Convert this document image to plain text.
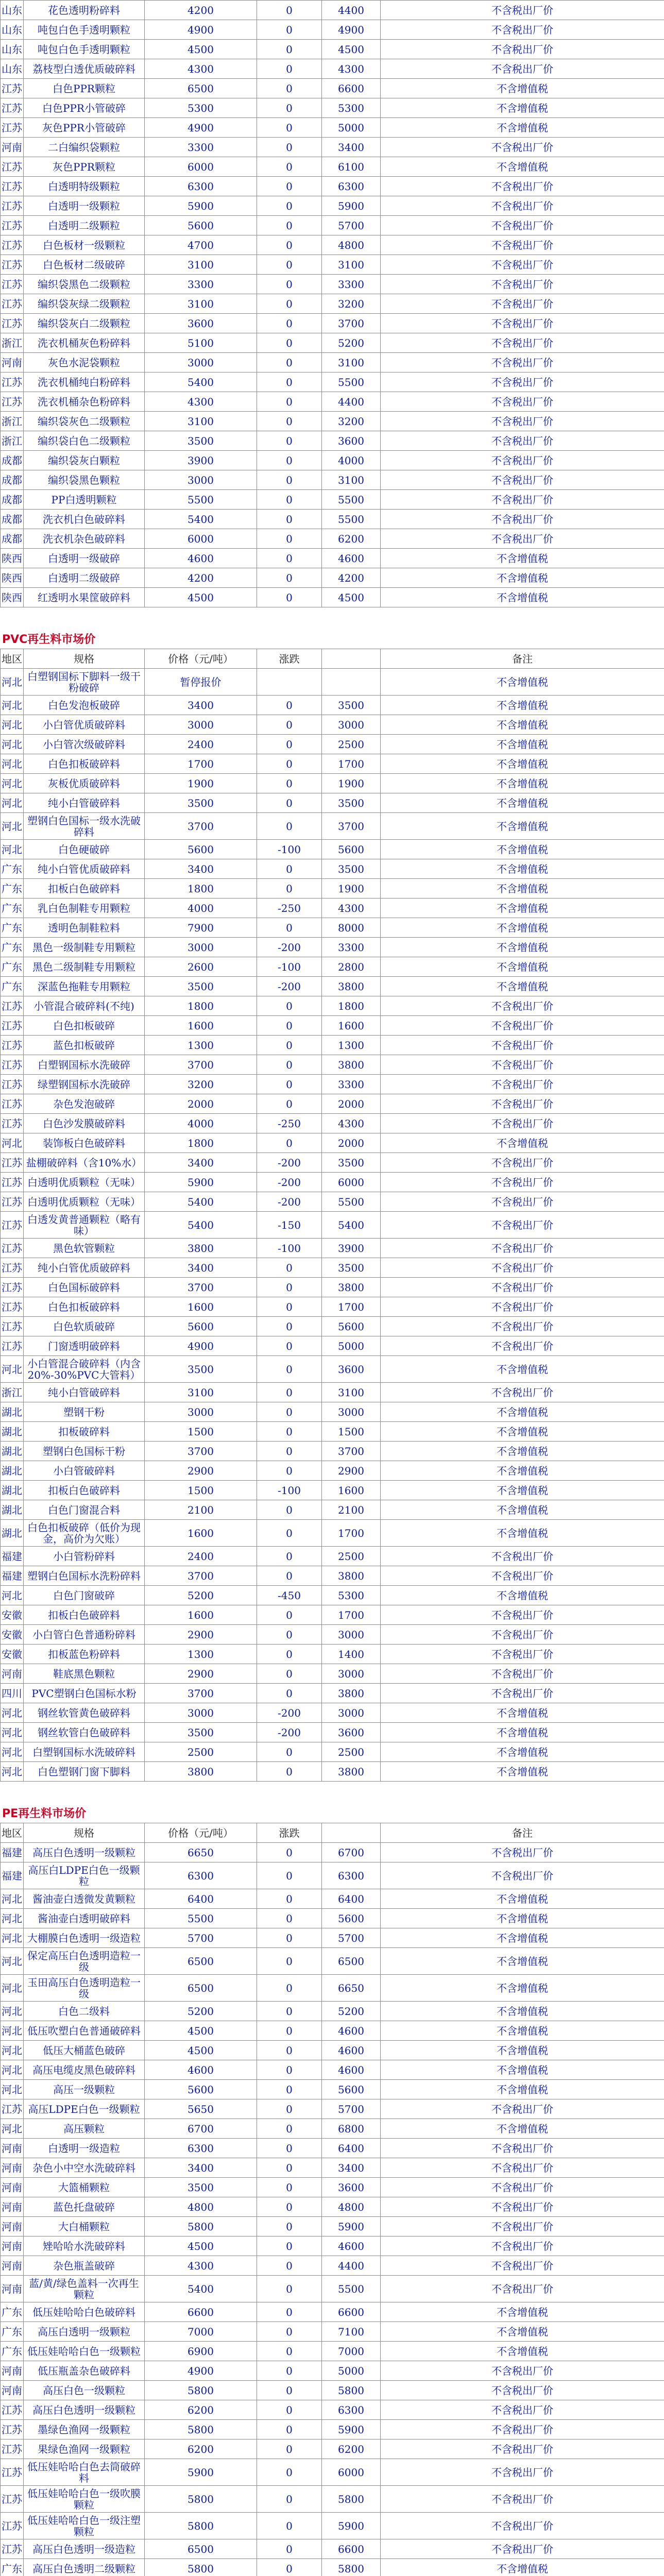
山东	花色透明粉碎料	4200	0	4400	不含税出厂价
山东	吨包白色手透明颗粒	4900	0	4900	不含税出厂价
山东	吨包白色手透明颗粒	4500	0	4500	不含税出厂价
山东	荔枝型白透优质破碎料	4300	0	4300	不含税出厂价
江苏	白色PPR颗粒	6500	0	6600	不含增值税
江苏	白色PPR小管破碎	5300	0	5300	不含增值税
江苏	灰色PPR小管破碎	4900	0	5000	不含增值税
河南	二白编织袋颗粒	3300	0	3400	不含税出厂价
江苏	灰色PPR颗粒	6000	0	6100	不含增值税
江苏	白透明特级颗粒	6300	0	6300	不含税出厂价
江苏	白透明一级颗粒	5900	0	5900	不含税出厂价
江苏	白透明二级颗粒	5600	0	5700	不含税出厂价
江苏	白色板材一级颗粒	4700	0	4800	不含税出厂价
江苏	白色板材二级破碎	3100	0	3100	不含税出厂价
江苏	编织袋黑色二级颗粒	3300	0	3300	不含税出厂价
江苏	编织袋灰绿二级颗粒	3100	0	3200	不含税出厂价
江苏	编织袋灰白二级颗粒	3600	0	3700	不含税出厂价
浙江	洗衣机桶灰色粉碎料	5100	0	5200	不含税出厂价
河南	灰色水泥袋颗粒	3000	0	3100	不含税出厂价
江苏	洗衣机桶纯白粉碎料	5400	0	5500	不含税出厂价
江苏	洗衣机桶杂色粉碎料	4300	0	4400	不含税出厂价
浙江	编织袋灰色二级颗粒	3100	0	3200	不含税出厂价
浙江	编织袋白色二级颗粒	3500	0	3600	不含税出厂价
成都	编织袋灰白颗粒	3900	0	4000	不含税出厂价
成都	编织袋黑色颗粒	3000	0	3100	不含税出厂价
成都	PP白透明颗粒	5500	0	5500	不含税出厂价
成都	洗衣机白色破碎料	5400	0	5500	不含税出厂价
成都	洗衣机杂色破碎料	6000	0	6200	不含税出厂价
陕西	白透明一级破碎	4600	0	4600	不含增值税
陕西	白透明二级破碎	4200	0	4200	不含增值税
陕西	红透明水果筐破碎料	4500	0	4500	不含增值税
PVC再生料市场价
地区	规格	价格（元/吨）	涨跌		备注
河北	白塑钢国标下脚料一级干粉破碎	暂停报价			不含增值税
河北	白色发泡板破碎	3400	0	3500	不含增值税
河北	小白管优质破碎料	3000	0	3000	不含增值税
河北	小白管次级破碎料	2400	0	2500	不含增值税
河北	白色扣板破碎料	1700	0	1700	不含增值税
河北	灰板优质破碎料	1900	0	1900	不含增值税
河北	纯小白管破碎料	3500	0	3500	不含增值税
河北	塑钢白色国标一级水洗破碎料	3700	0	3700	不含增值税
河北	白色硬破碎	5600	-100	5600	不含增值税
广东	纯小白管优质破碎料	3400	0	3500	不含增值税
广东	扣板白色破碎料	1800	0	1900	不含增值税
广东	乳白色制鞋专用颗粒	4000	-250	4300	不含增值税
广东	透明色制鞋粒料	7900	0	8000	不含增值税
广东	黑色一级制鞋专用颗粒	3000	-200	3300	不含增值税
广东	黑色二级制鞋专用颗粒	2600	-100	2800	不含增值税
广东	深蓝色拖鞋专用颗粒	3500	-200	3800	不含增值税
江苏	小管混合破碎料(不纯)	1800	0	1800	不含税出厂价
江苏	白色扣板破碎	1600	0	1600	不含税出厂价
江苏	蓝色扣板破碎	1300	0	1300	不含税出厂价
江苏	白塑钢国标水洗破碎	3700	0	3800	不含税出厂价
江苏	绿塑钢国标水洗破碎	3200	0	3300	不含税出厂价
江苏	杂色发泡破碎	2000	0	2000	不含税出厂价
江苏	白色沙发膜破碎料	4000	-250	4300	不含税出厂价
河北	装饰板白色破碎料	1800	0	2000	不含增值税
江苏	盐棚破碎料（含10%水）	3400	-200	3500	不含税出厂价
江苏	白透明优质颗粒（无味）	5900	-200	6000	不含税出厂价
江苏	白透明优质颗粒（无味）	5400	-200	5500	不含税出厂价
江苏	白透发黄普通颗粒（略有味）	5400	-150	5400	不含税出厂价
江苏	黑色软管颗粒	3800	-100	3900	不含税出厂价
江苏	纯小白管优质破碎料	3400	0	3500	不含税出厂价
江苏	白色国标破碎料	3700	0	3800	不含税出厂价
江苏	白色扣板破碎料	1600	0	1700	不含税出厂价
江苏	白色软质破碎	5600	0	5600	不含税出厂价
江苏	门窗透明破碎料	4900	0	5000	不含税出厂价
河北	小白管混合破碎料（内含20%-30%PVC大管料）	3500	0	3600	不含增值税
浙江	纯小白管破碎料	3100	0	3100	不含税出厂价
湖北	塑钢干粉	3000	0	3000	不含增值税
湖北	扣板破碎料	1500	0	1500	不含增值税
湖北	塑钢白色国标干粉	3700	0	3700	不含增值税
湖北	小白管破碎料	2900	0	2900	不含增值税
湖北	扣板白色破碎料	1500	-100	1600	不含增值税
湖北	白色门窗混合料	2100	0	2100	不含增值税
湖北	白色扣板破碎（低价为现金，高价为欠账）	1600	0	1700	不含增值税
福建	小白管粉碎料	2400	0	2500	不含税出厂价
福建	塑钢白色国标水洗粉碎料	3700	0	3800	不含税出厂价
河北	白色门窗破碎	5200	-450	5300	不含增值税
安徽	扣板白色破碎料	1600	0	1700	不含税出厂价
安徽	小白管白色普通粉碎料	2900	0	3000	不含税出厂价
安徽	扣板蓝色粉碎料	1300	0	1400	不含税出厂价
河南	鞋底黑色颗粒	2900	0	3000	不含税出厂价
四川	PVC塑钢白色国标水粉	3700	0	3800	不含税出厂价
河北	钢丝软管黄色破碎料	3000	-200	3000	不含增值税
河北	钢丝软管白色破碎料	3500	-200	3600	不含增值税
河北	白塑钢国标水洗破碎料	2500	0	2500	不含增值税
河北	白色塑钢门窗下脚料	3800	0	3800	不含增值税
PE再生料市场价
地区	规格	价格（元/吨）	涨跌		备注
福建	高压白色透明一级颗粒	6650	0	6700	不含税出厂价
福建	高压白LDPE白色一级颗粒	6300	0	6300	不含税出厂价
河北	酱油壶白透微发黄颗粒	6400	0	6400	不含增值税
河北	酱油壶白透明破碎料	5500	0	5600	不含增值税
河北	大棚膜白色透明一级造粒	5700	0	5700	不含增值税
河北	保定高压白色透明造粒一级	6500	0	6500	不含增值税
河北	玉田高压白色透明造粒一级	6500	0	6650	不含增值税
河北	白色二级料	5200	0	5200	不含增值税
河北	低压吹塑白色普通破碎料	4500	0	4600	不含增值税
河北	低压大桶蓝色破碎	4500	0	4600	不含增值税
河北	高压电缆皮黑色破碎料	4600	0	4600	不含增值税
河北	高压一级颗粒	5600	0	5600	不含增值税
江苏	高压LDPE白色一级颗粒	5650	0	5700	不含税出厂价
河北	高压颗粒	6700	0	6800	不含增值税
河南	白透明一级造粒	6300	0	6400	不含税出厂价
河南	杂色小中空水洗破碎料	3400	0	3400	不含税出厂价
河南	大篮桶颗粒	3500	0	3600	不含税出厂价
河南	蓝色托盘破碎	4800	0	4800	不含税出厂价
河南	大白桶颗粒	5800	0	5900	不含税出厂价
河南	矬哈哈水洗破碎料	4500	0	4600	不含税出厂价
河南	杂色瓶盖破碎	4300	0	4400	不含税出厂价
河南	蓝/黄/绿色盖料一次再生颗粒	5400	0	5500	不含税出厂价
广东	低压娃哈哈白色破碎料	6600	0	6600	不含增值税
广东	高压白透明一级颗粒	7000	0	7100	不含增值税
广东	低压娃哈哈白色一级颗粒	6900	0	7000	不含增值税
河南	低压瓶盖杂色破碎料	4900	0	5000	不含税出厂价
河南	高压白色一级颗粒	5800	0	5800	不含税出厂价
江苏	高压白色透明一级颗粒	6200	0	6300	不含税出厂价
江苏	墨绿色渔网一级颗粒	5800	0	5900	不含税出厂价
江苏	果绿色渔网一级颗粒	6200	0	6200	不含税出厂价
江苏	低压娃哈哈白色去筒破碎料	5900	0	6000	不含税出厂价
江苏	低压娃哈哈白色一级吹膜颗粒	5800	0	5800	不含税出厂价
江苏	低压娃哈哈白色一级注塑颗粒	5800	0	5900	不含税出厂价
江苏	高压白色透明一级造粒	6500	0	6600	不含税出厂价
广东	高压白色透明二级颗粒	5800	0	5800	不含增值税
